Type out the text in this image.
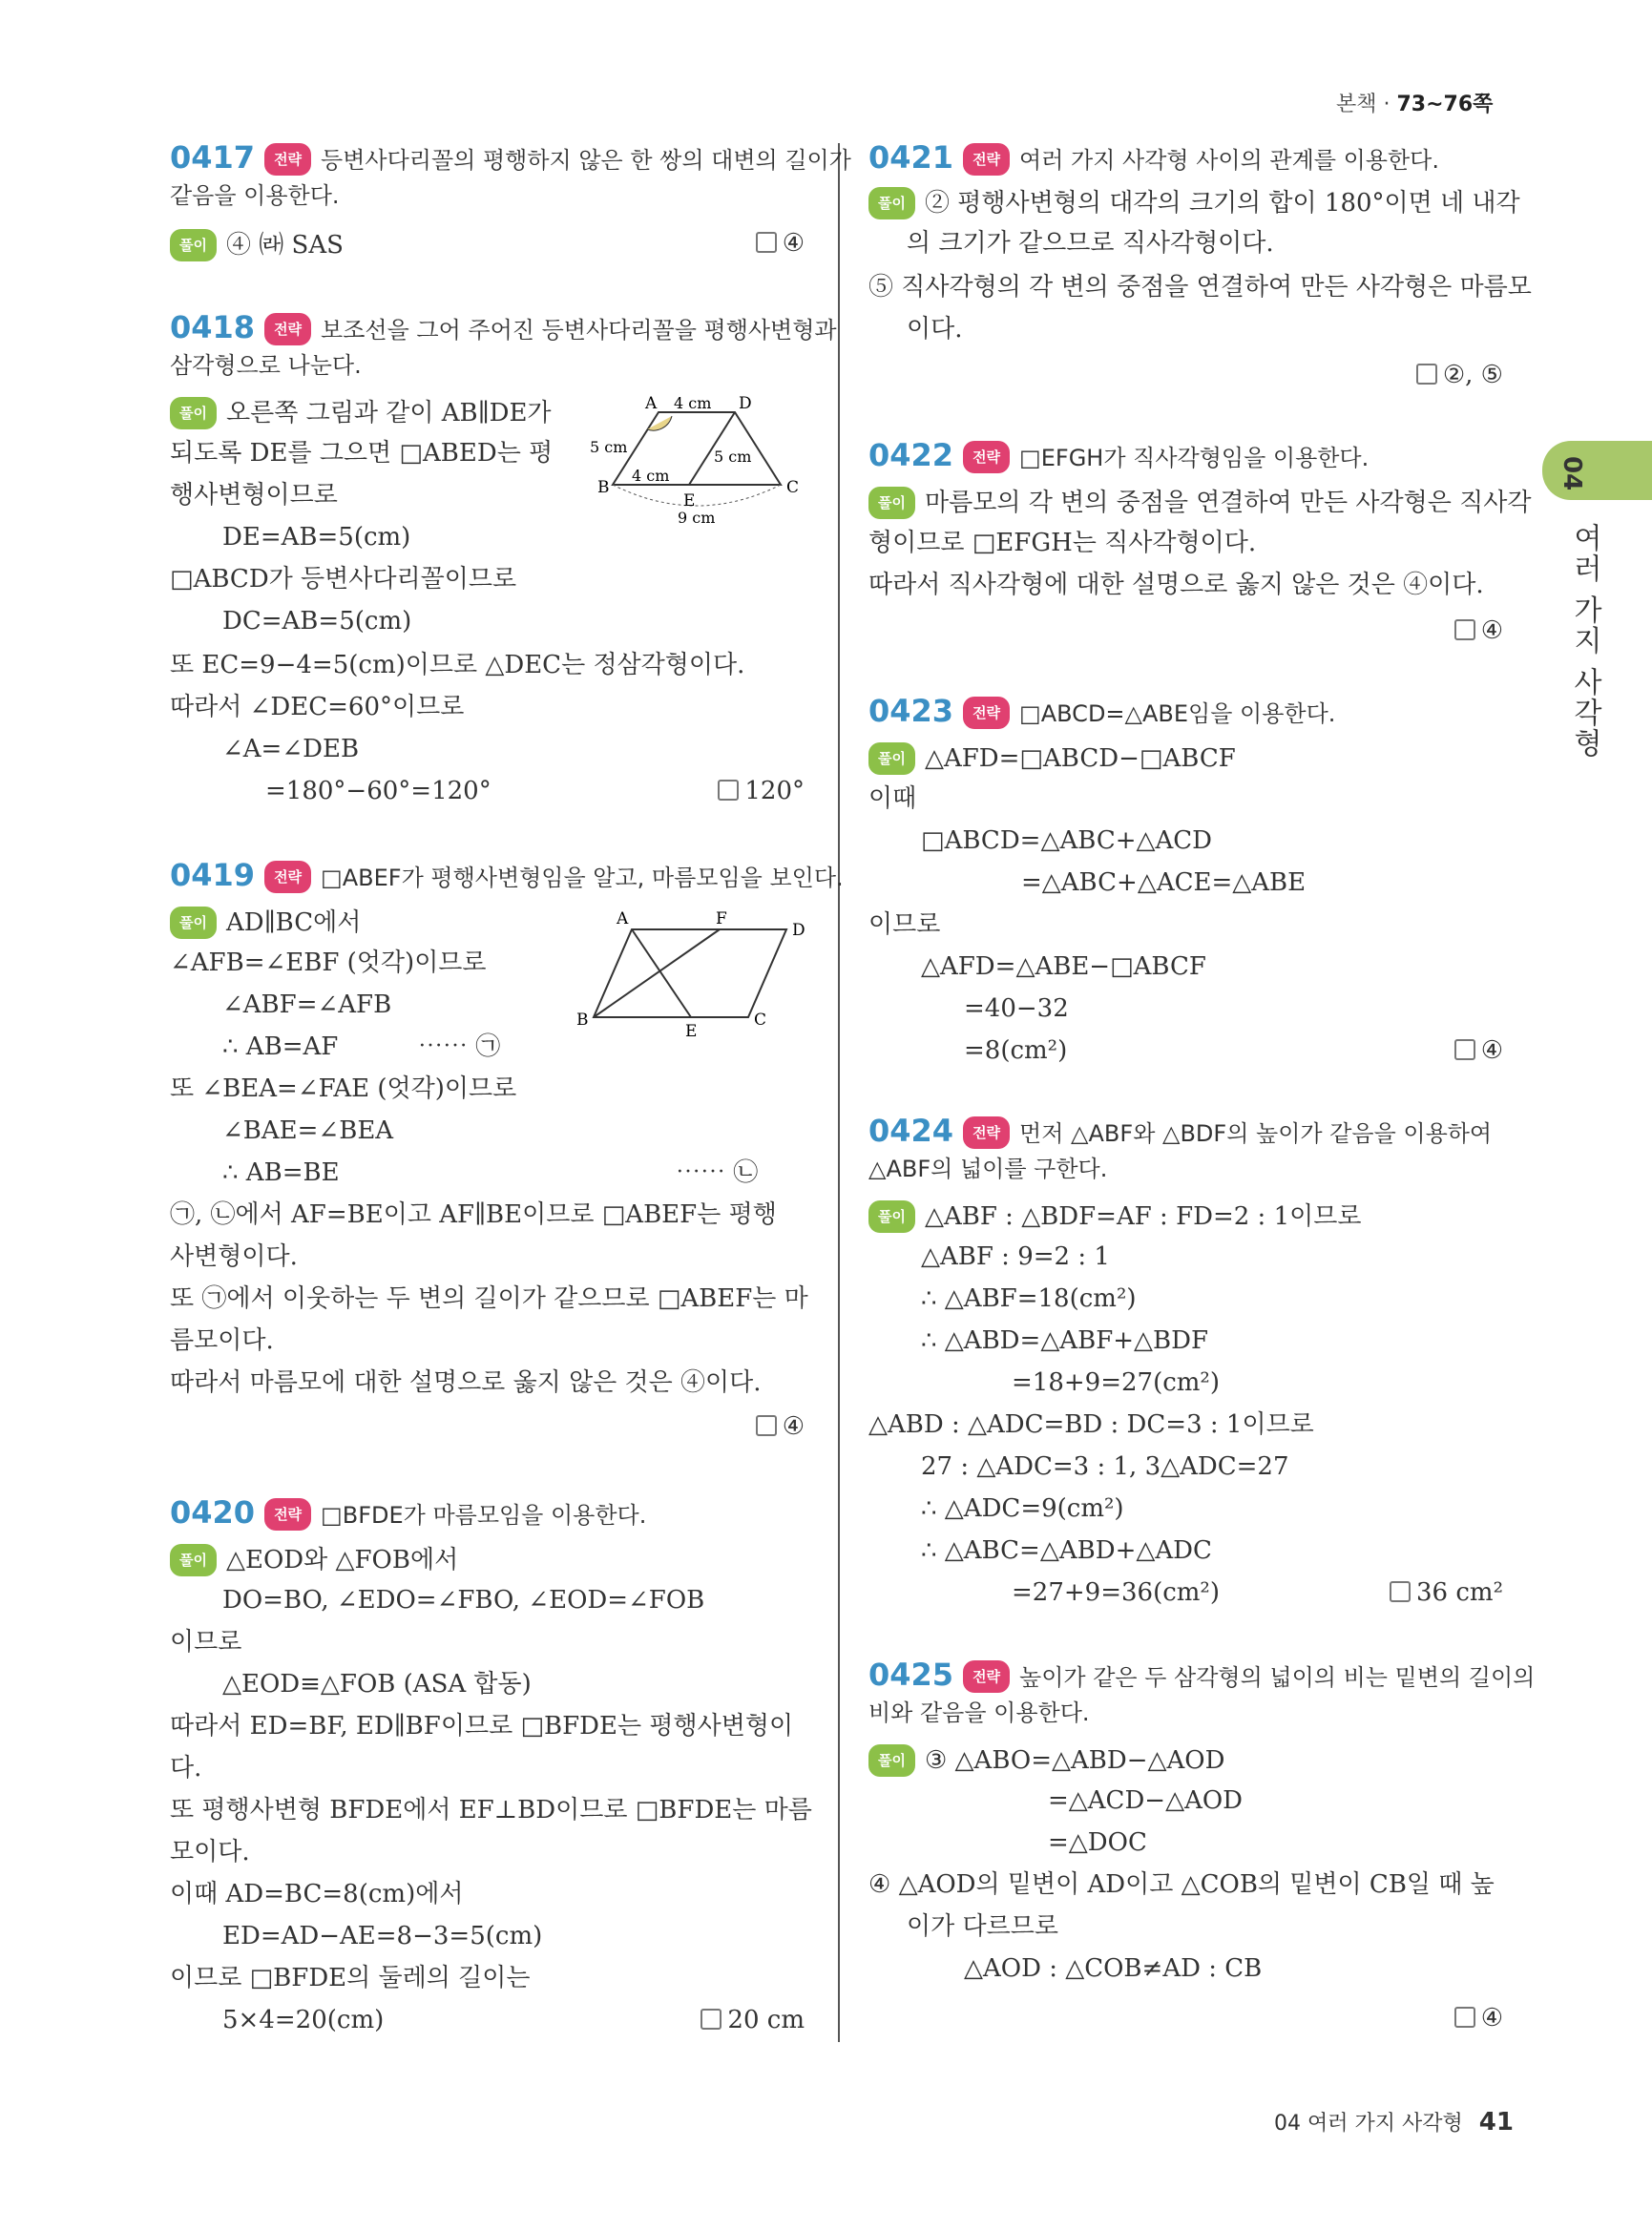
본책 · 73~76쪽
04
여러 가지 사각형
0417 전략 등변사다리꼴의 평행하지 않은 한 쌍의 대변의 길이가
같음을 이용한다.
풀이 ④ ㈑ SAS	④
0418 전략 보조선을 그어 주어진 등변사다리꼴을 평행사변형과
삼각형으로 나눈다.
풀이 오른쪽 그림과 같이 AB∥DE가
되도록 DE를 그으면 □ABED는 평
행사변형이므로
DE=AB=5(cm)
□ABCD가 등변사다리꼴이므로
DC=AB=5(cm)
또 EC=9−4=5(cm)이므로 △DEC는 정삼각형이다.
따라서 ∠DEC=60°이므로
∠A=∠DEB
=180°−60°=120°	120°
A	D
B	C
E
4 cm
5 cm
5 cm
4 cm
9 cm
0419 전략 □ABEF가 평행사변형임을 알고, 마름모임을 보인다.
풀이 AD∥BC에서
∠AFB=∠EBF (엇각)이므로
∠ABF=∠AFB
∴ AB=AF	⋯⋯ ㉠
또 ∠BEA=∠FAE (엇각)이므로
∠BAE=∠BEA
∴ AB=BE	⋯⋯ ㉡
㉠, ㉡에서 AF=BE이고 AF∥BE이므로 □ABEF는 평행
사변형이다.
또 ㉠에서 이웃하는 두 변의 길이가 같으므로 □ABEF는 마
름모이다.
따라서 마름모에 대한 설명으로 옳지 않은 것은 ④이다.
④
A	F
D
B
E
C
0420 전략 □BFDE가 마름모임을 이용한다.
풀이 △EOD와 △FOB에서
DO=BO, ∠EDO=∠FBO, ∠EOD=∠FOB
이므로
△EOD≡△FOB (ASA 합동)
따라서 ED=BF, ED∥BF이므로 □BFDE는 평행사변형이
다.
또 평행사변형 BFDE에서 EF⊥BD이므로 □BFDE는 마름
모이다.
이때 AD=BC=8(cm)에서
ED=AD−AE=8−3=5(cm)
이므로 □BFDE의 둘레의 길이는
5×4=20(cm)	20 cm
0421 전략 여러 가지 사각형 사이의 관계를 이용한다.
풀이 ② 평행사변형의 대각의 크기의 합이 180°이면 네 내각
의 크기가 같으므로 직사각형이다.
⑤ 직사각형의 각 변의 중점을 연결하여 만든 사각형은 마름모
이다.
②, ⑤
0422 전략 □EFGH가 직사각형임을 이용한다.
풀이 마름모의 각 변의 중점을 연결하여 만든 사각형은 직사각
형이므로 □EFGH는 직사각형이다.
따라서 직사각형에 대한 설명으로 옳지 않은 것은 ④이다.
④
0423 전략 □ABCD=△ABE임을 이용한다.
풀이 △AFD=□ABCD−□ABCF
이때
□ABCD=△ABC+△ACD
=△ABC+△ACE=△ABE
이므로
△AFD=△ABE−□ABCF
=40−32
=8(cm²)	④
0424 전략 먼저 △ABF와 △BDF의 높이가 같음을 이용하여
△ABF의 넓이를 구한다.
풀이 △ABF : △BDF=AF : FD=2 : 1이므로
△ABF : 9=2 : 1
∴ △ABF=18(cm²)
∴ △ABD=△ABF+△BDF
=18+9=27(cm²)
△ABD : △ADC=BD : DC=3 : 1이므로
27 : △ADC=3 : 1, 3△ADC=27
∴ △ADC=9(cm²)
∴ △ABC=△ABD+△ADC
=27+9=36(cm²)	36 cm²
0425 전략 높이가 같은 두 삼각형의 넓이의 비는 밑변의 길이의
비와 같음을 이용한다.
풀이 ③ △ABO=△ABD−△AOD
=△ACD−△AOD
=△DOC
④ △AOD의 밑변이 AD이고 △COB의 밑변이 CB일 때 높
이가 다르므로
△AOD : △COB≠AD : CB
④
04 여러 가지 사각형 41
